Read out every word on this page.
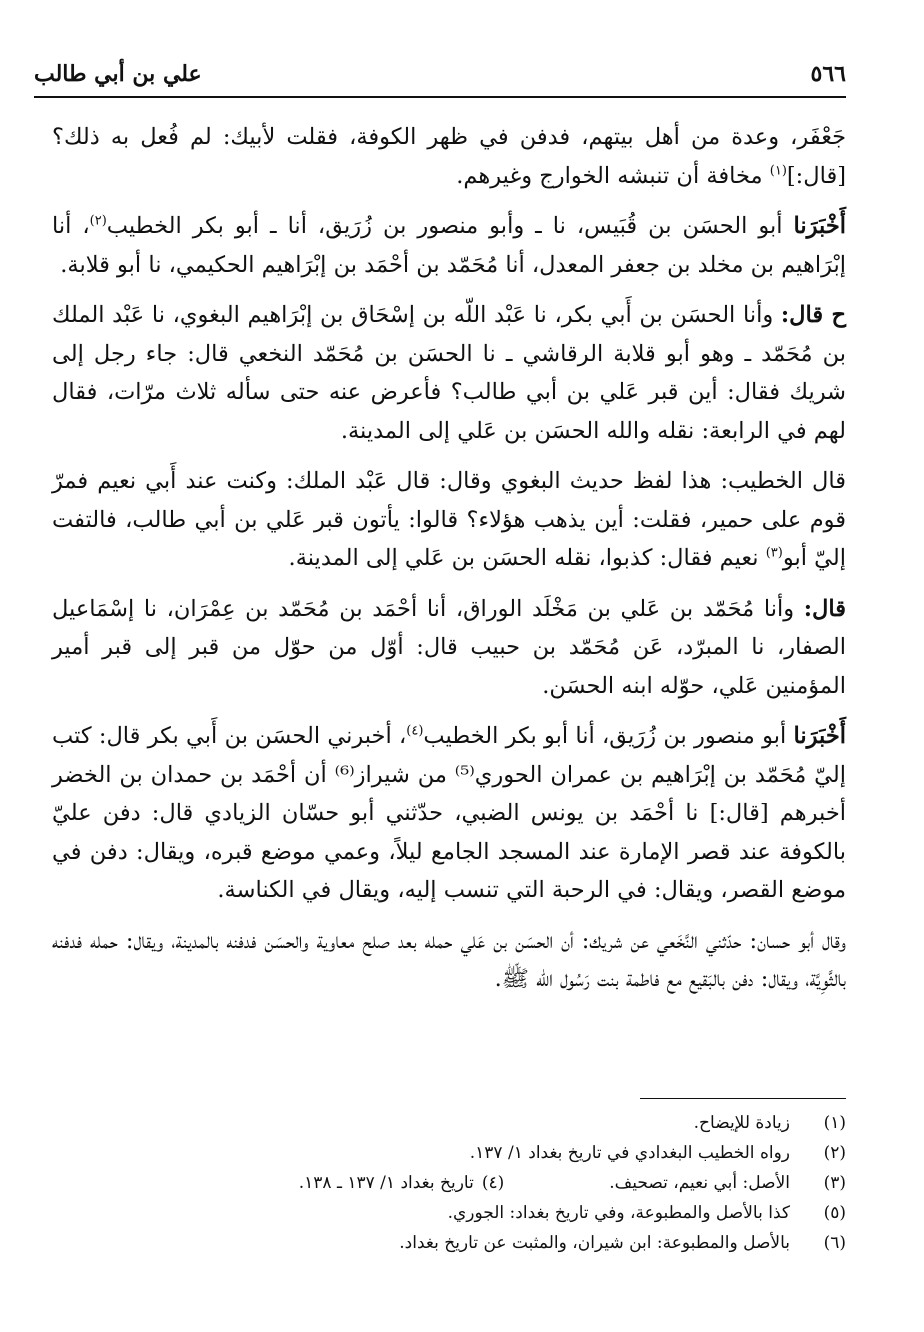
٥٦٦
علي بن أبي طالب

جَعْفَر، وعدة من أهل بيتهم، فدفن في ظهر الكوفة، فقلت لأبيك: لم فُعل به ذلك؟ [قال:]$^{(١)}$ مخافة أن تنبشه الخوارج وغيرهم.

أَخْبَرَنا أبو الحسَن بن قُبَيس، نا ـ وأبو منصور بن زُرَيق، أنا ـ أبو بكر الخطيب$^{(٢)}$، أنا إبْرَاهيم بن مخلد بن جعفر المعدل، أنا مُحَمّد بن أحْمَد بن إبْرَاهيم الحكيمي، نا أبو قلابة.

ح قال: وأنا الحسَن بن أَبي بكر، نا عَبْد اللّه بن إسْحَاق بن إبْرَاهيم البغوي، نا عَبْد الملك بن مُحَمّد ـ وهو أبو قلابة الرقاشي ـ نا الحسَن بن مُحَمّد النخعي قال: جاء رجل إلى شريك فقال: أين قبر عَلي بن أبي طالب؟ فأعرض عنه حتى سأله ثلاث مرّات، فقال لهم في الرابعة: نقله والله الحسَن بن عَلي إلى المدينة.

قال الخطيب: هذا لفظ حديث البغوي وقال: قال عَبْد الملك: وكنت عند أَبي نعيم فمرّ قوم على حمير، فقلت: أين يذهب هؤلاء؟ قالوا: يأتون قبر عَلي بن أبي طالب، فالتفت إليّ أبو$^{(٣)}$ نعيم فقال: كذبوا، نقله الحسَن بن عَلي إلى المدينة.

قال: وأنا مُحَمّد بن عَلي بن مَخْلَد الوراق، أنا أحْمَد بن مُحَمّد بن عِمْرَان، نا إسْمَاعيل الصفار، نا المبرّد، عَن مُحَمّد بن حبيب قال: أوّل من حوّل من قبر إلى قبر أمير المؤمنين عَلي، حوّله ابنه الحسَن.

أَخْبَرَنا أبو منصور بن زُرَيق، أنا أبو بكر الخطيب$^{(٤)}$، أخبرني الحسَن بن أَبي بكر قال: كتب إليّ مُحَمّد بن إبْرَاهيم بن عمران الحوري⁽⁵⁾ من شيراز⁽⁶⁾ أن أحْمَد بن حمدان بن الخضر أخبرهم [قال:] نا أحْمَد بن يونس الضبي، حدّثني أبو حسّان الزيادي قال: دفن عليّ بالكوفة عند قصر الإمارة عند المسجد الجامع ليلاً، وعمي موضع قبره، ويقال: دفن في موضع القصر، ويقال: في الرحبة التي تنسب إليه، ويقال في الكناسة.

وقال أبو حسان: حدّثني النَّخَعي عن شريك: أن الحسَن بن عَلي حمله بعد صلح معاوية والحسَن فدفنه بالمدينة، ويقال: حمله فدفنه بالثَّوِيَّة، ويقال: دفن بالبَقيع مع فاطمة بنت رَسُول الله ﷺ.

(١)
زيادة للإيضاح.
(٢)
رواه الخطيب البغدادي في تاريخ بغداد ١/ ١٣٧.
(٣)
الأصل: أبي نعيم، تصحيف.
(٤)
تاريخ بغداد ١/ ١٣٧ ـ ١٣٨.
(٥)
كذا بالأصل والمطبوعة، وفي تاريخ بغداد: الجوري.
(٦)
بالأصل والمطبوعة: ابن شيران، والمثبت عن تاريخ بغداد.
